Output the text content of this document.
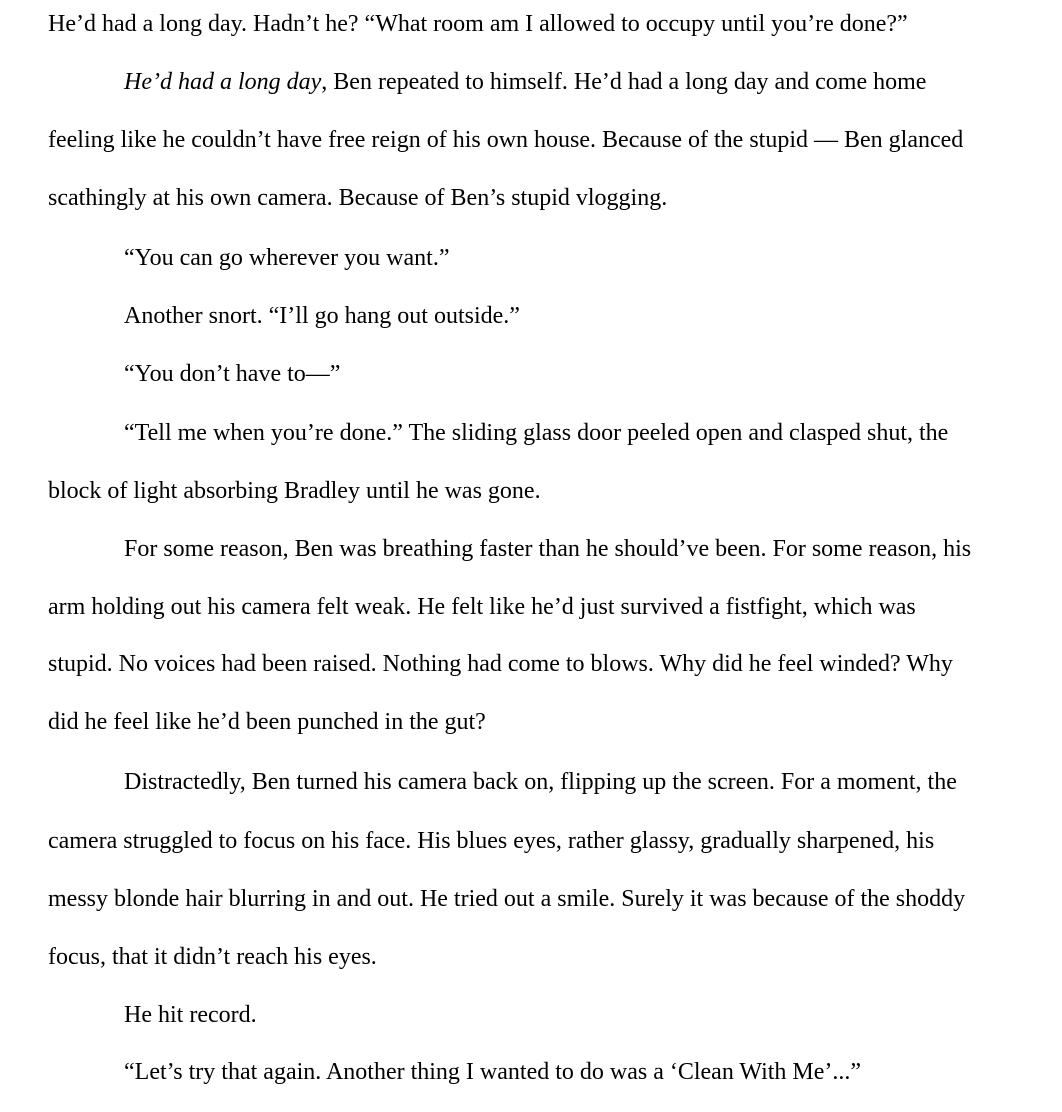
He’d had a long day. Hadn’t he? “What room am I allowed to occupy until you’re done?”
He’d had a long day, Ben repeated to himself. He’d had a long day and come home
feeling like he couldn’t have free reign of his own house. Because of the stupid — Ben glanced
scathingly at his own camera. Because of Ben’s stupid vlogging.
“You can go wherever you want.”
Another snort. “I’ll go hang out outside.”
“You don’t have to—”
“Tell me when you’re done.” The sliding glass door peeled open and clasped shut, the
block of light absorbing Bradley until he was gone.
For some reason, Ben was breathing faster than he should’ve been. For some reason, his
arm holding out his camera felt weak. He felt like he’d just survived a fistfight, which was
stupid. No voices had been raised. Nothing had come to blows. Why did he feel winded? Why
did he feel like he’d been punched in the gut?
Distractedly, Ben turned his camera back on, flipping up the screen. For a moment, the
camera struggled to focus on his face. His blues eyes, rather glassy, gradually sharpened, his
messy blonde hair blurring in and out. He tried out a smile. Surely it was because of the shoddy
focus, that it didn’t reach his eyes.
He hit record.
“Let’s try that again. Another thing I wanted to do was a ‘Clean With Me’...”
